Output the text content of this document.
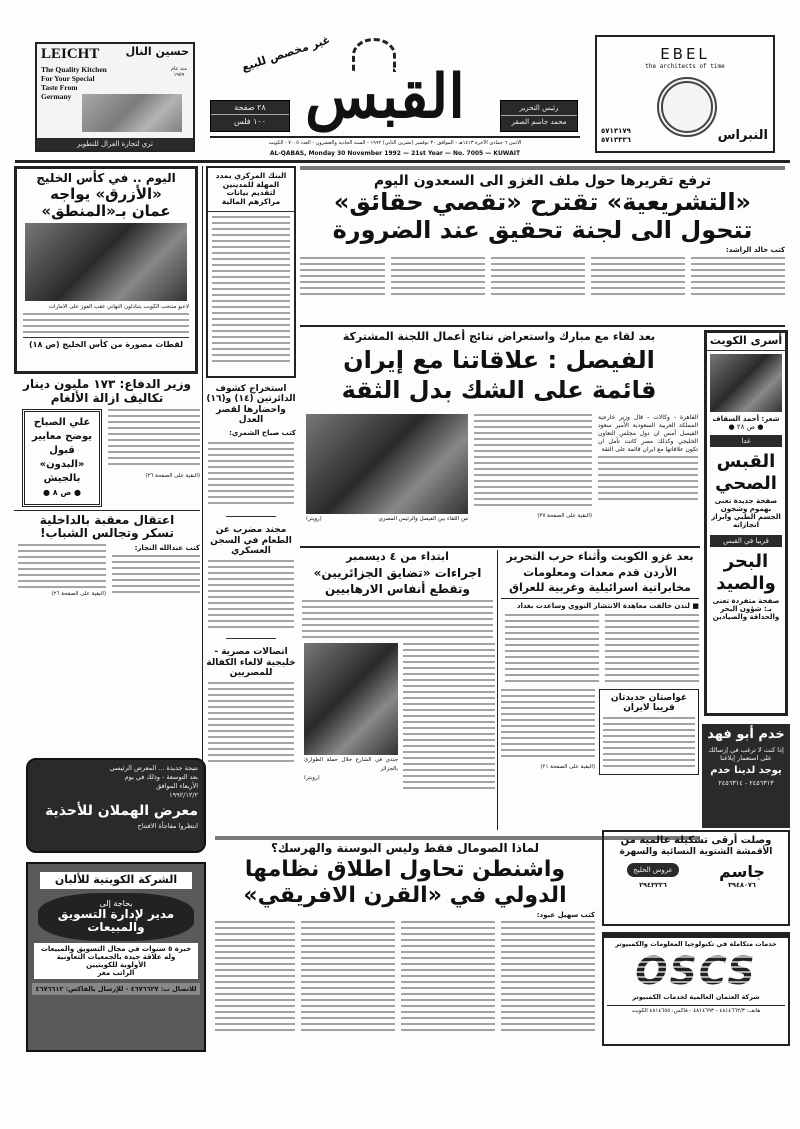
LEICHT حسين النال
منذ عام ١٩٥٩
The Quality Kitchen
For Your Special
Taste From
Germany
ثري لتجارة الغزال للتطوير
غير مخصص للبيع
القبس
٢٨ صفحة
١٠٠ فلس
رئيس التحرير
محمد جاسم الصقر
الاثنين ٦ جمادى الآخرة ١٤١٣هـ - الموافق ٣٠ نوفمبر (تشرين الثاني) ١٩٩٢ - السنة الحادية والعشرون - العدد ٧٠٠٥ - الكويت
AL-QABAS, Monday 30 November 1992 — 21st Year — No. 7005 — KUWAIT
EBEL
the architects of time
٥٧١٣١٧٩
٥٧١٣٣٣٦	النبراس
اليوم .. في كأس الخليج
«الأزرق» يواجه
عمان بـ«المنطق»
لاعبو منتخب الكويت يتبادلون التهاني عقب الفوز على الامارات
لقطات مصورة من كأس الخليج (ص ١٨)
وزير الدفاع: ١٧٣ مليون دينار
تكاليف ازالة الألغام
(البقية على الصفحة ٢٦)
علي الصباح يوضح معايير قبول «البدون» بالجيش
● ص ٨ ●
اعتقال معقبة بالداخلية
تسكر وتجالس الشباب!
كتب عبدالله النجار:
(البقية على الصفحة ٢٦)
نتيجة جديدة ... المعرض الرئيسي
بعد التوسعة - وذلك في يوم
الأربعاء الموافق
١٩٩٢/١٢/٢
معرض الهملان للأحذية
انتظروا مفاجأة الافتتاح
الشركة الكويتية للألبان
بحاجة إلى
مدير لإدارة التسويق والمبيعات
خبرة ٥ سنوات في مجال التسويق والمبيعات
وله علاقة جيدة بالجمعيات التعاونية
الأولوية للكويتيين
الراتب مغر
للاتصال ت: ٤٦٧٦٦٢٧ - للإرسال بالفاكس: ٤٦٧٦٦١٢
البنك المركزي يمدد المهلة للمدينين لتقديم بيانات مراكزهم المالية
استخراج كشوف الدائرتين (١٤) و(١٦) واحضارها لقصر العدل
كتب صباح الشمري:
مجند مضرب عن الطعام في السجن العسكري
اتصالات مصرية - خليجية لالغاء الكفالة للمصريين
ترفع تقريرها حول ملف الغزو الى السعدون اليوم
«التشريعية» تقترح «تقصي حقائق»
تتحول الى لجنة تحقيق عند الضرورة
كتب خالد الراشد:
بعد لقاء مع مبارك واستعراض نتائج أعمال اللجنة المشتركة
الفيصل : علاقاتنا مع إيران
قائمة على الشك بدل الثقة
القاهرة - وكالات - قال وزير خارجية المملكة العربية السعودية الأمير سعود الفيصل أمس ان دول مجلس التعاون الخليجي وكذلك مصر كانت تأمل ان تكون علاقاتها مع ايران قائمة على الثقة
(البقية على الصفحة ٢٧)
(رويتر)	من اللقاء بين الفيصل والرئيس المصري
أسرى الكويت
شعر: أحمد السقاف
● ص ٢٨ ●
غدا
القبس الصحي
صفحة جديدة تعنى بهموم وشجون الجسم الطبي وابراز انجازاته
قريبا في القبس
البحر والصيد
صفحة متفردة تعنى بـ: شؤون البحر والحداقة والصيادين
خدم أبو فهد
إذا كنت لا ترغب في إرسالك على استعمار إبلاغنا
يوجد لدينا خدم
٢٤٥٦٣١٣ - ٢٤٥٦٣١٤
ابتداء من ٤ ديسمبر
اجراءات «تضايق الجزائريين»
وتقطع أنفاس الارهابيين
جندي في الشارع خلال حملة الطوارئ بالجزائر
(رويتر)
بعد غزو الكويت وأثناء حرب التحرير
الأردن قدم معدات ومعلومات
مخابراتية اسرائيلية وغربية للعراق
■ لندن خالفت معاهدة الانتشار النووي وساعدت بغداد
(البقية على الصفحة ٢١)
غواصتان جديدتان قريبا لايران
لماذا الصومال فقط وليس البوسنة والهرسك؟
واشنطن تحاول اطلاق نظامها
الدولي في «القرن الافريقي»
كتب سهيل عبود:
وصلت أرقى تشكيلة عالمية من
الأقمشة الشتوية النسائية والسهرة
جاسم
٣٩٤٨٠٧٦
عروس الخليج
٢٩٤٣٢٢٦
خدمات متكاملة في تكنولوجيا المعلومات والكمبيوتر
OSCS
شركة العثمان العالمية لخدمات الكمبيوتر
هاتف: ٤٨١٤٦٦٢/٣ - ٤٨١٤٦٩٣ - فاكس: ٤٨١٤٦٥٥ الكويت
